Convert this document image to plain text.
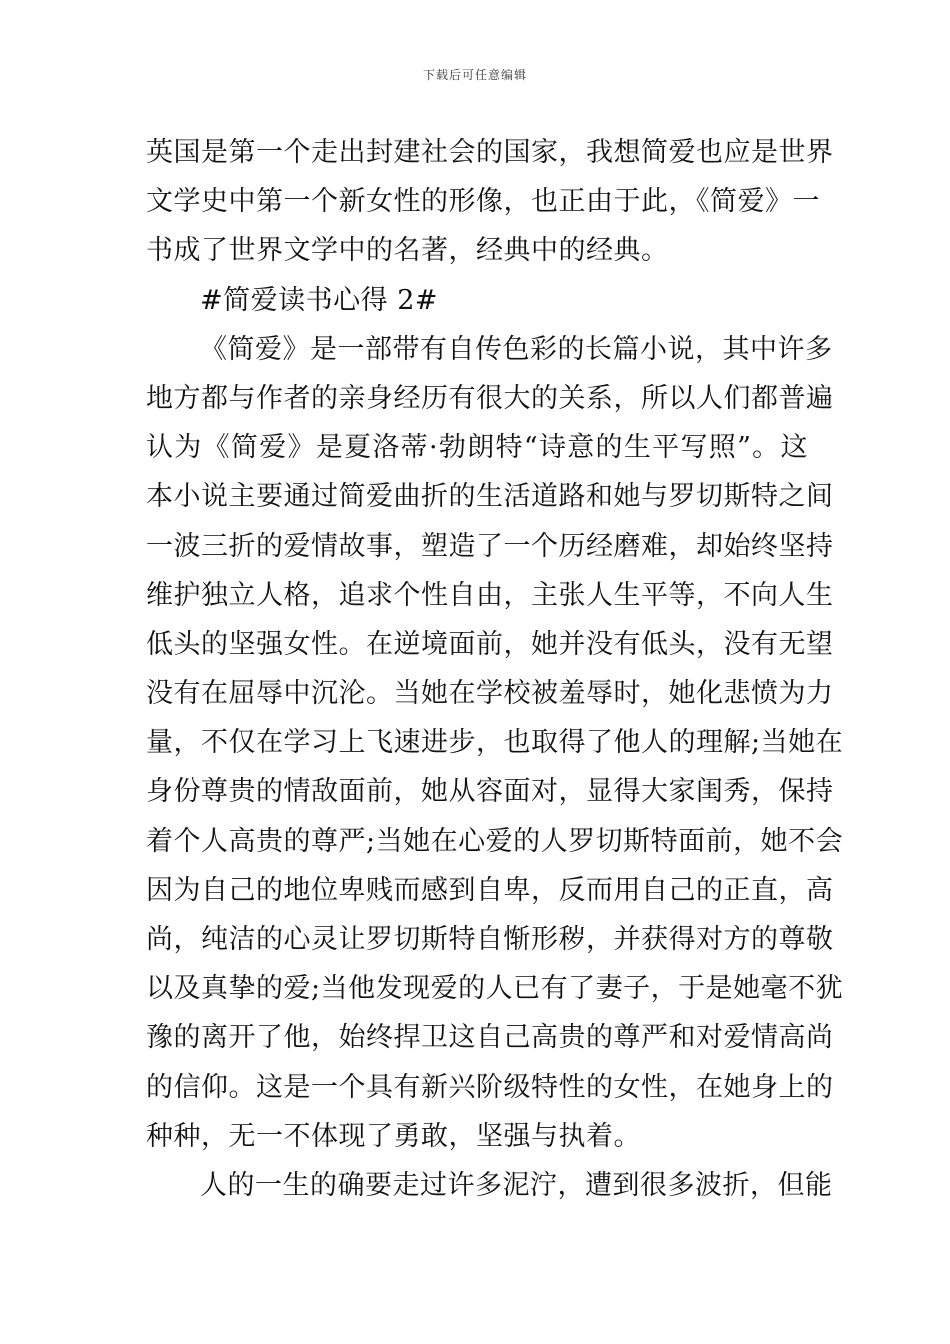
下载后可任意编辑
英国是第一个走出封建社会的国家，我想简爱也应是世界
文学史中第一个新女性的形像，也正由于此，《简爱》一
书成了世界文学中的名著，经典中的经典。
#简爱读书心得 2#
《简爱》是一部带有自传色彩的长篇小说，其中许多
地方都与作者的亲身经历有很大的关系，所以人们都普遍
认为《简爱》是夏洛蒂·勃朗特“诗意的生平写照”。这
本小说主要通过简爱曲折的生活道路和她与罗切斯特之间
一波三折的爱情故事，塑造了一个历经磨难，却始终坚持
维护独立人格，追求个性自由，主张人生平等，不向人生
低头的坚强女性。在逆境面前，她并没有低头，没有无望
没有在屈辱中沉沦。当她在学校被羞辱时，她化悲愤为力
量，不仅在学习上飞速进步，也取得了他人的理解;当她在
身份尊贵的情敌面前，她从容面对，显得大家闺秀，保持
着个人高贵的尊严;当她在心爱的人罗切斯特面前，她不会
因为自己的地位卑贱而感到自卑，反而用自己的正直，高
尚，纯洁的心灵让罗切斯特自惭形秽，并获得对方的尊敬
以及真挚的爱;当他发现爱的人已有了妻子，于是她毫不犹
豫的离开了他，始终捍卫这自己高贵的尊严和对爱情高尚
的信仰。这是一个具有新兴阶级特性的女性，在她身上的
种种，无一不体现了勇敢，坚强与执着。
人的一生的确要走过许多泥泞，遭到很多波折，但能
